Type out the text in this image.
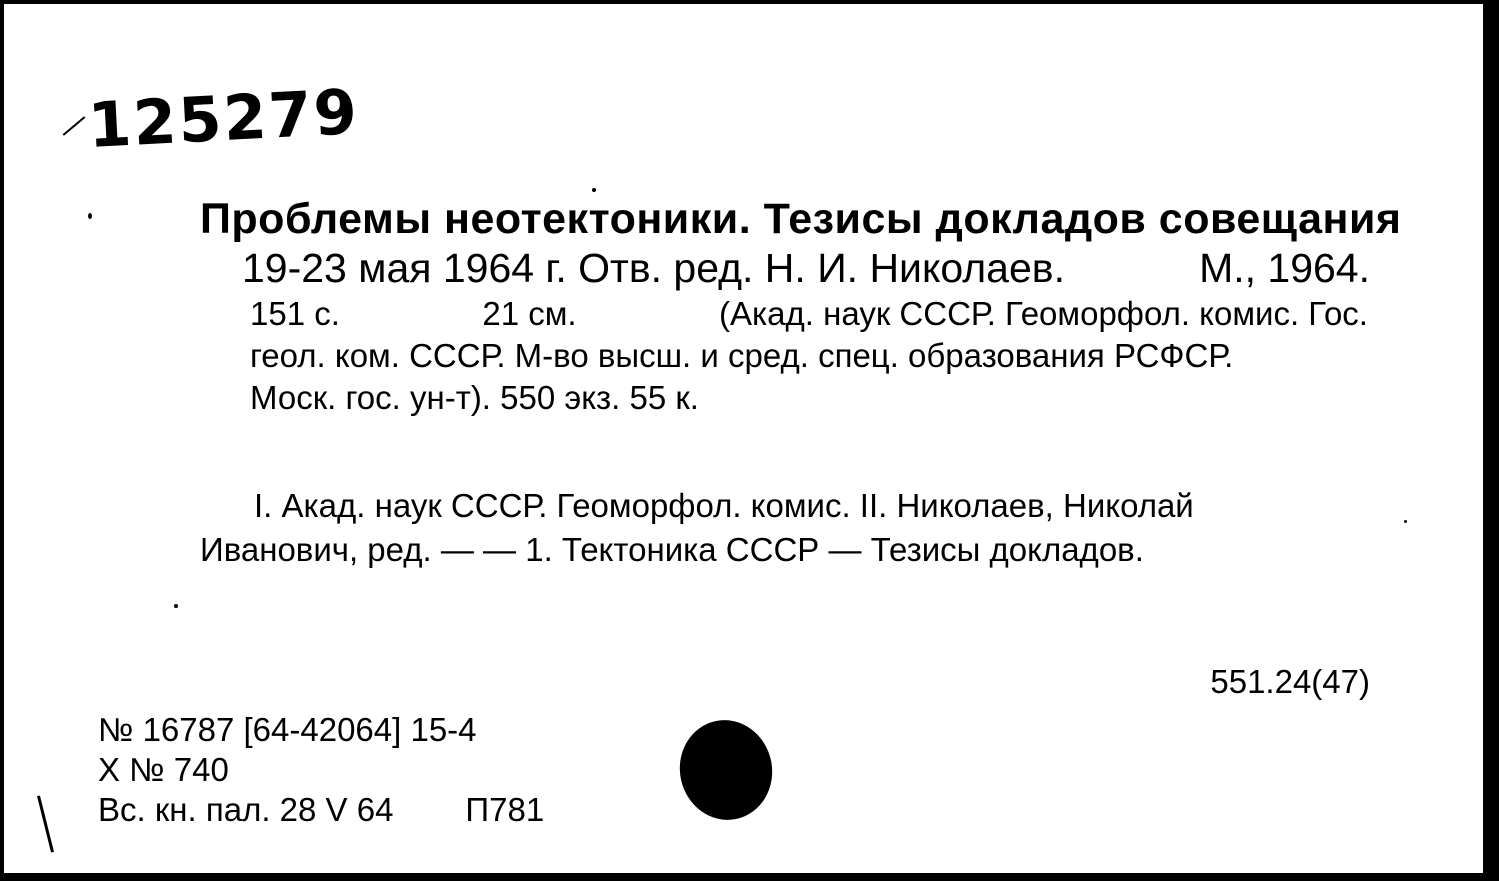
125279
Проблемы неотектоники. Тезисы докладов совещания
19-23 мая 1964 г. Отв. ред. Н. И. Николаев.	М., 1964.
151 с.	21 см.	(Акад. наук СССР. Геоморфол. комис. Гос.
геол. ком. СССР. М-во высш. и сред. спец. образования РСФСР.
Моск. гос. ун-т). 550 экз. 55 к.
I. Акад. наук СССР. Геоморфол. комис. II. Николаев, Николай
Иванович, ред. — — 1. Тектоника СССР — Тезисы докладов.
551.24(47)
№ 16787 [64-42064] 15-4
X № 740
Вс. кн. пал. 28 V 64 П781
